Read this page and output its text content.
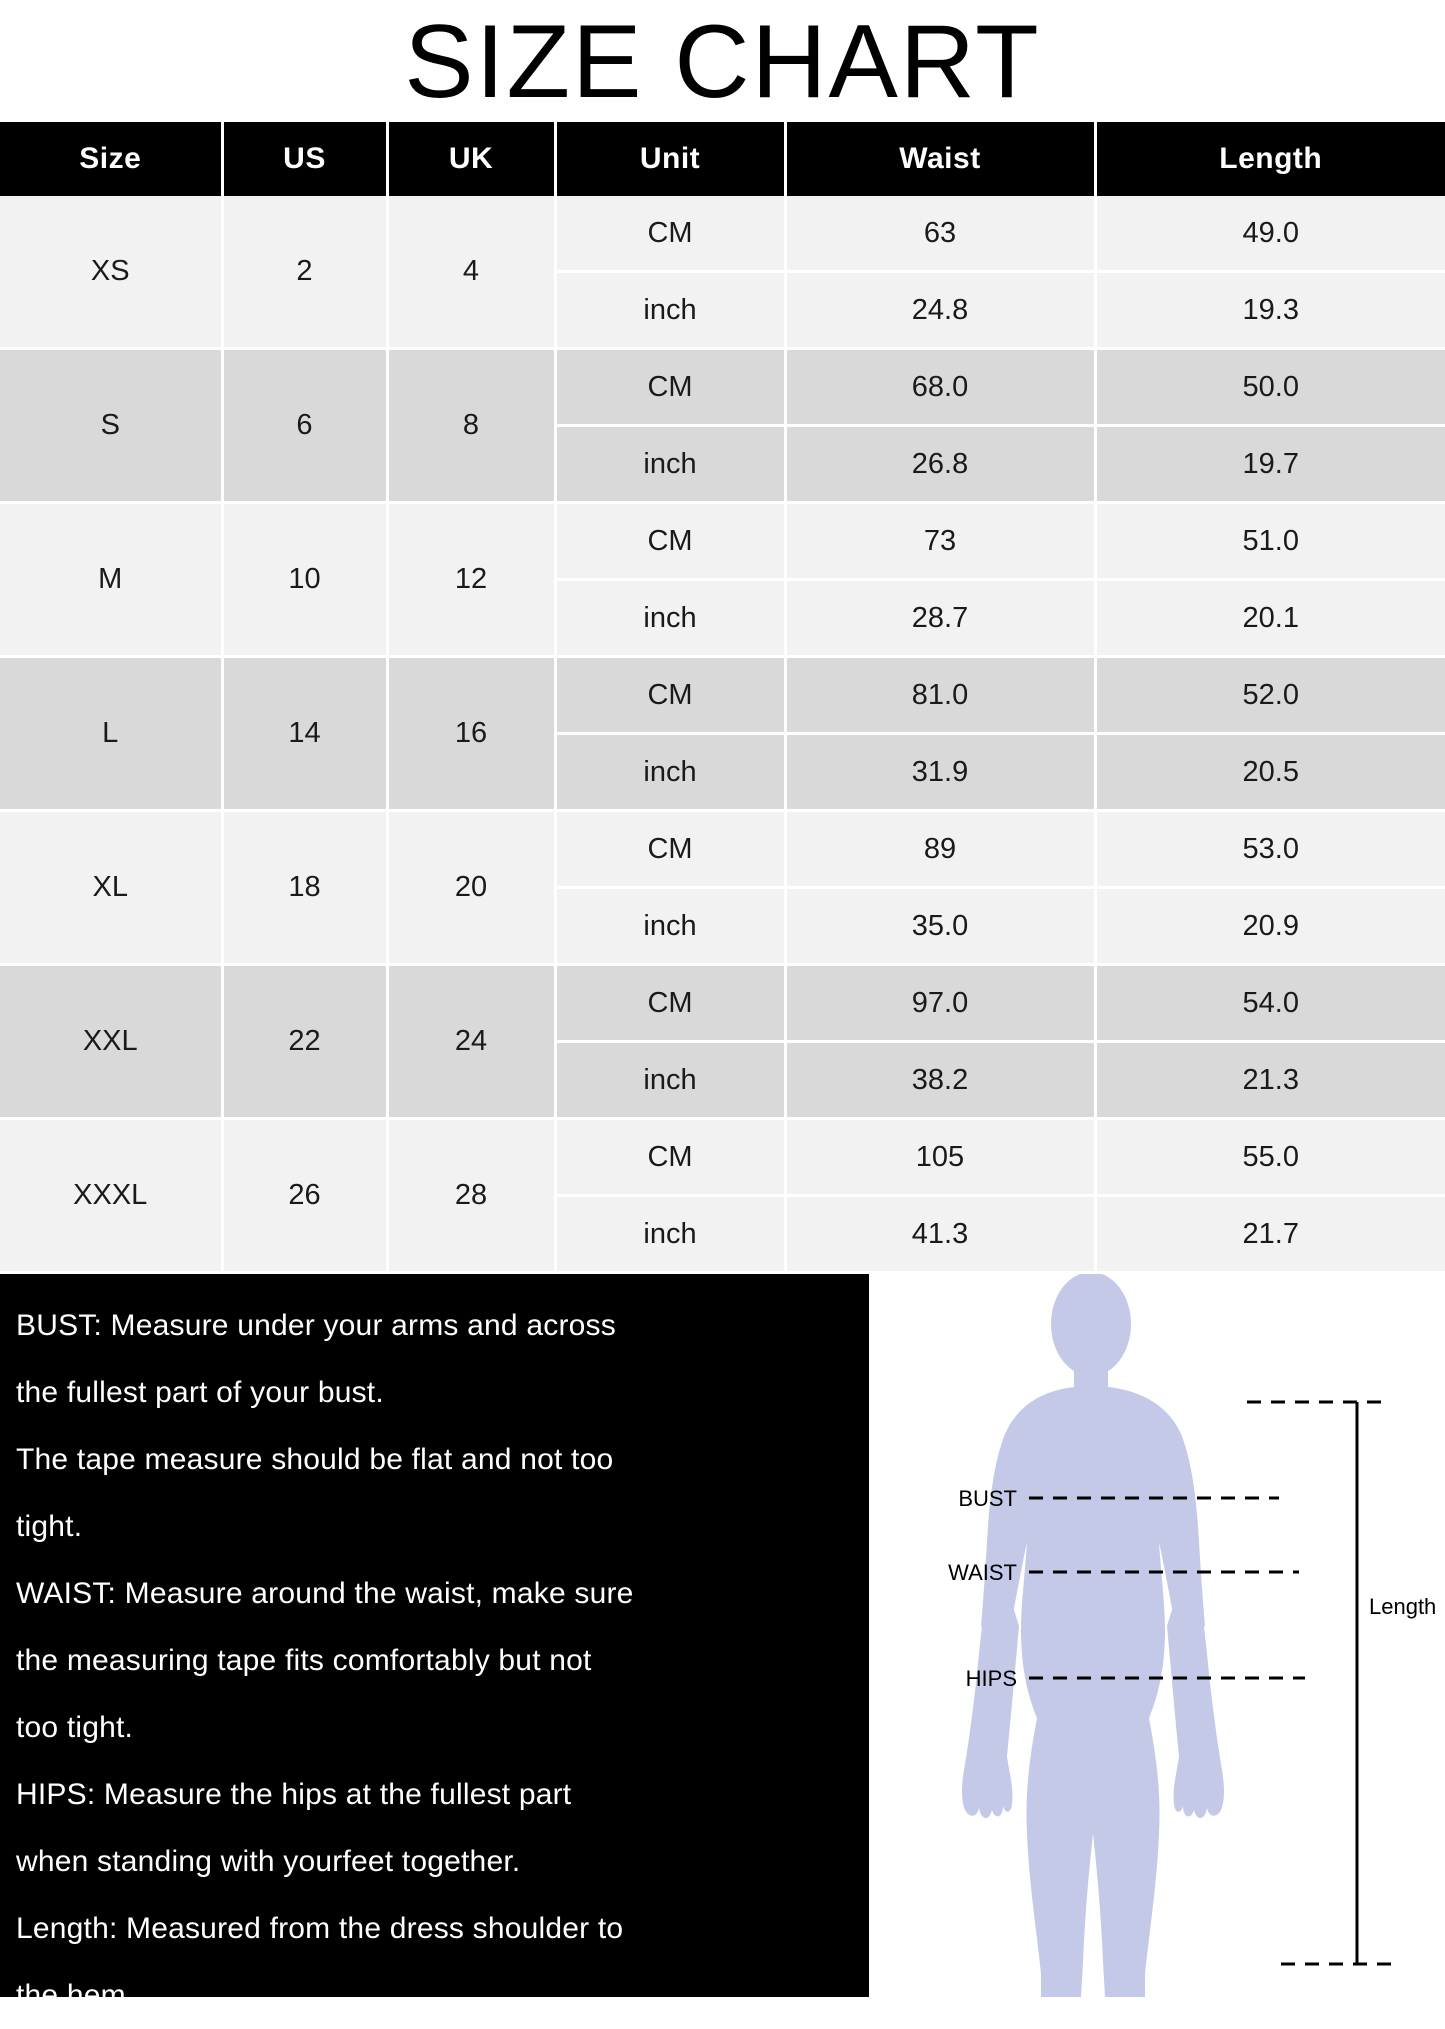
SIZE CHART
Size	US	UK	Unit	Waist	Length
XS	2	4	CM	63	49.0
			inch	24.8	19.3
S	6	8	CM	68.0	50.0
			inch	26.8	19.7
M	10	12	CM	73	51.0
			inch	28.7	20.1
L	14	16	CM	81.0	52.0
			inch	31.9	20.5
XL	18	20	CM	89	53.0
			inch	35.0	20.9
XXL	22	24	CM	97.0	54.0
			inch	38.2	21.3
XXXL	26	28	CM	105	55.0
			inch	41.3	21.7

BUST: Measure under your arms and across

the fullest part of your bust.

The tape measure should be flat and not too

tight.

WAIST: Measure around the waist, make sure

the measuring tape fits comfortably but not

too tight.

HIPS: Measure the hips at the fullest part

when standing with yourfeet together.

Length: Measured from the dress shoulder to

the hem.

Length
BUST
WAIST
HIPS
